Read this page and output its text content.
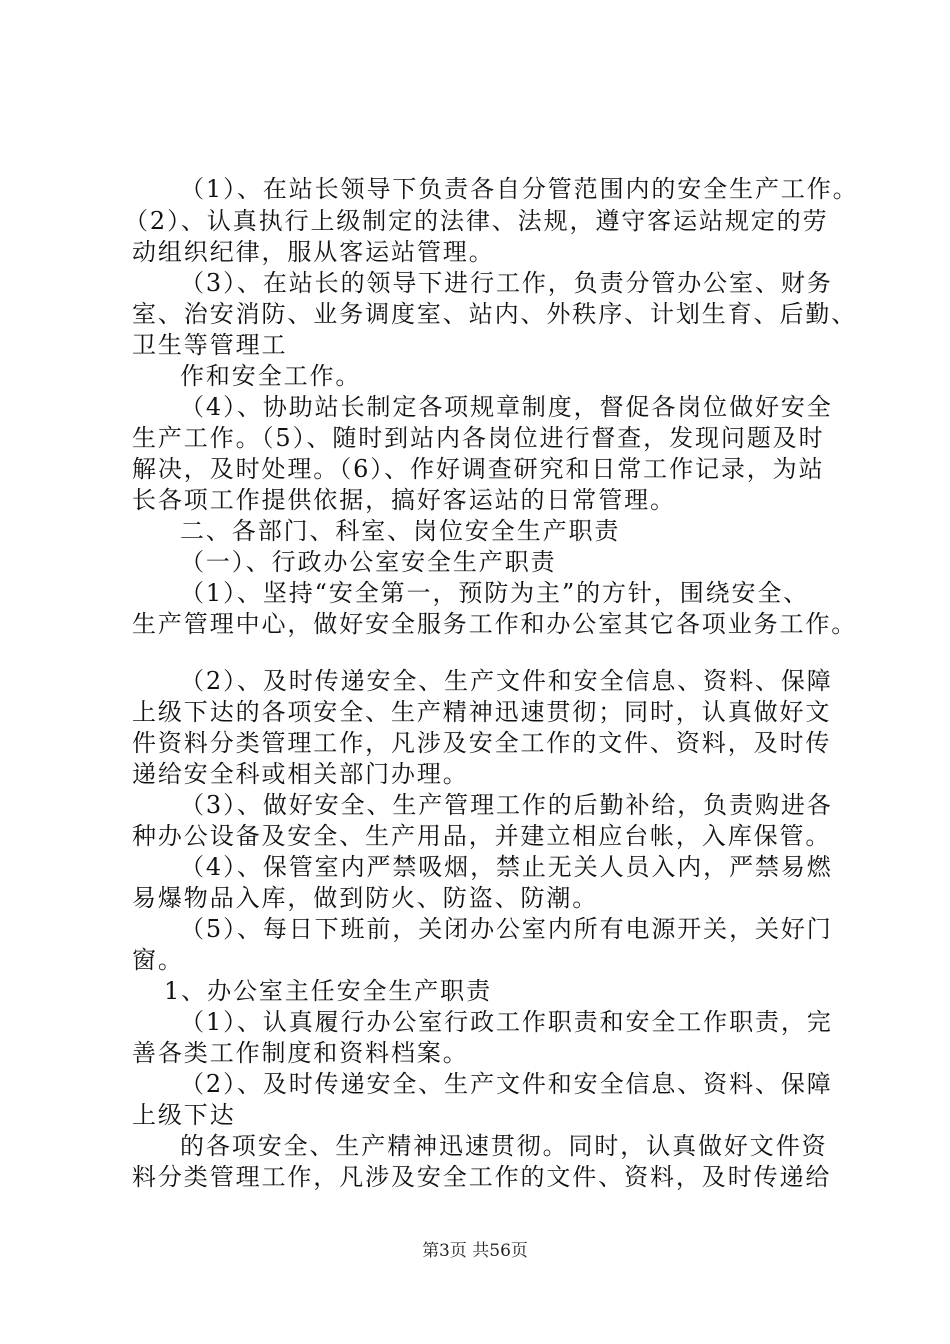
（1）、在站长领导下负责各自分管范围内的安全生产工作。
（2）、认真执行上级制定的法律、法规，遵守客运站规定的劳
动组织纪律，服从客运站管理。
（3）、在站长的领导下进行工作，负责分管办公室、财务
室、治安消防、业务调度室、站内、外秩序、计划生育、后勤、
卫生等管理工
作和安全工作。
（4）、协助站长制定各项规章制度，督促各岗位做好安全
生产工作。（5）、随时到站内各岗位进行督查，发现问题及时
解决，及时处理。（6）、作好调查研究和日常工作记录，为站
长各项工作提供依据，搞好客运站的日常管理。
二、各部门、科室、岗位安全生产职责
（一）、行政办公室安全生产职责
（1）、坚持“安全第一，预防为主”的方针，围绕安全、
生产管理中心，做好安全服务工作和办公室其它各项业务工作。
（2）、及时传递安全、生产文件和安全信息、资料、保障
上级下达的各项安全、生产精神迅速贯彻；同时，认真做好文
件资料分类管理工作，凡涉及安全工作的文件、资料，及时传
递给安全科或相关部门办理。
（3）、做好安全、生产管理工作的后勤补给，负责购进各
种办公设备及安全、生产用品，并建立相应台帐，入库保管。
（4）、保管室内严禁吸烟，禁止无关人员入内，严禁易燃
易爆物品入库，做到防火、防盗、防潮。
（5）、每日下班前，关闭办公室内所有电源开关，关好门
窗。
1、办公室主任安全生产职责
（1）、认真履行办公室行政工作职责和安全工作职责，完
善各类工作制度和资料档案。
（2）、及时传递安全、生产文件和安全信息、资料、保障
上级下达
的各项安全、生产精神迅速贯彻。同时，认真做好文件资
料分类管理工作，凡涉及安全工作的文件、资料，及时传递给
第3页 共56页
